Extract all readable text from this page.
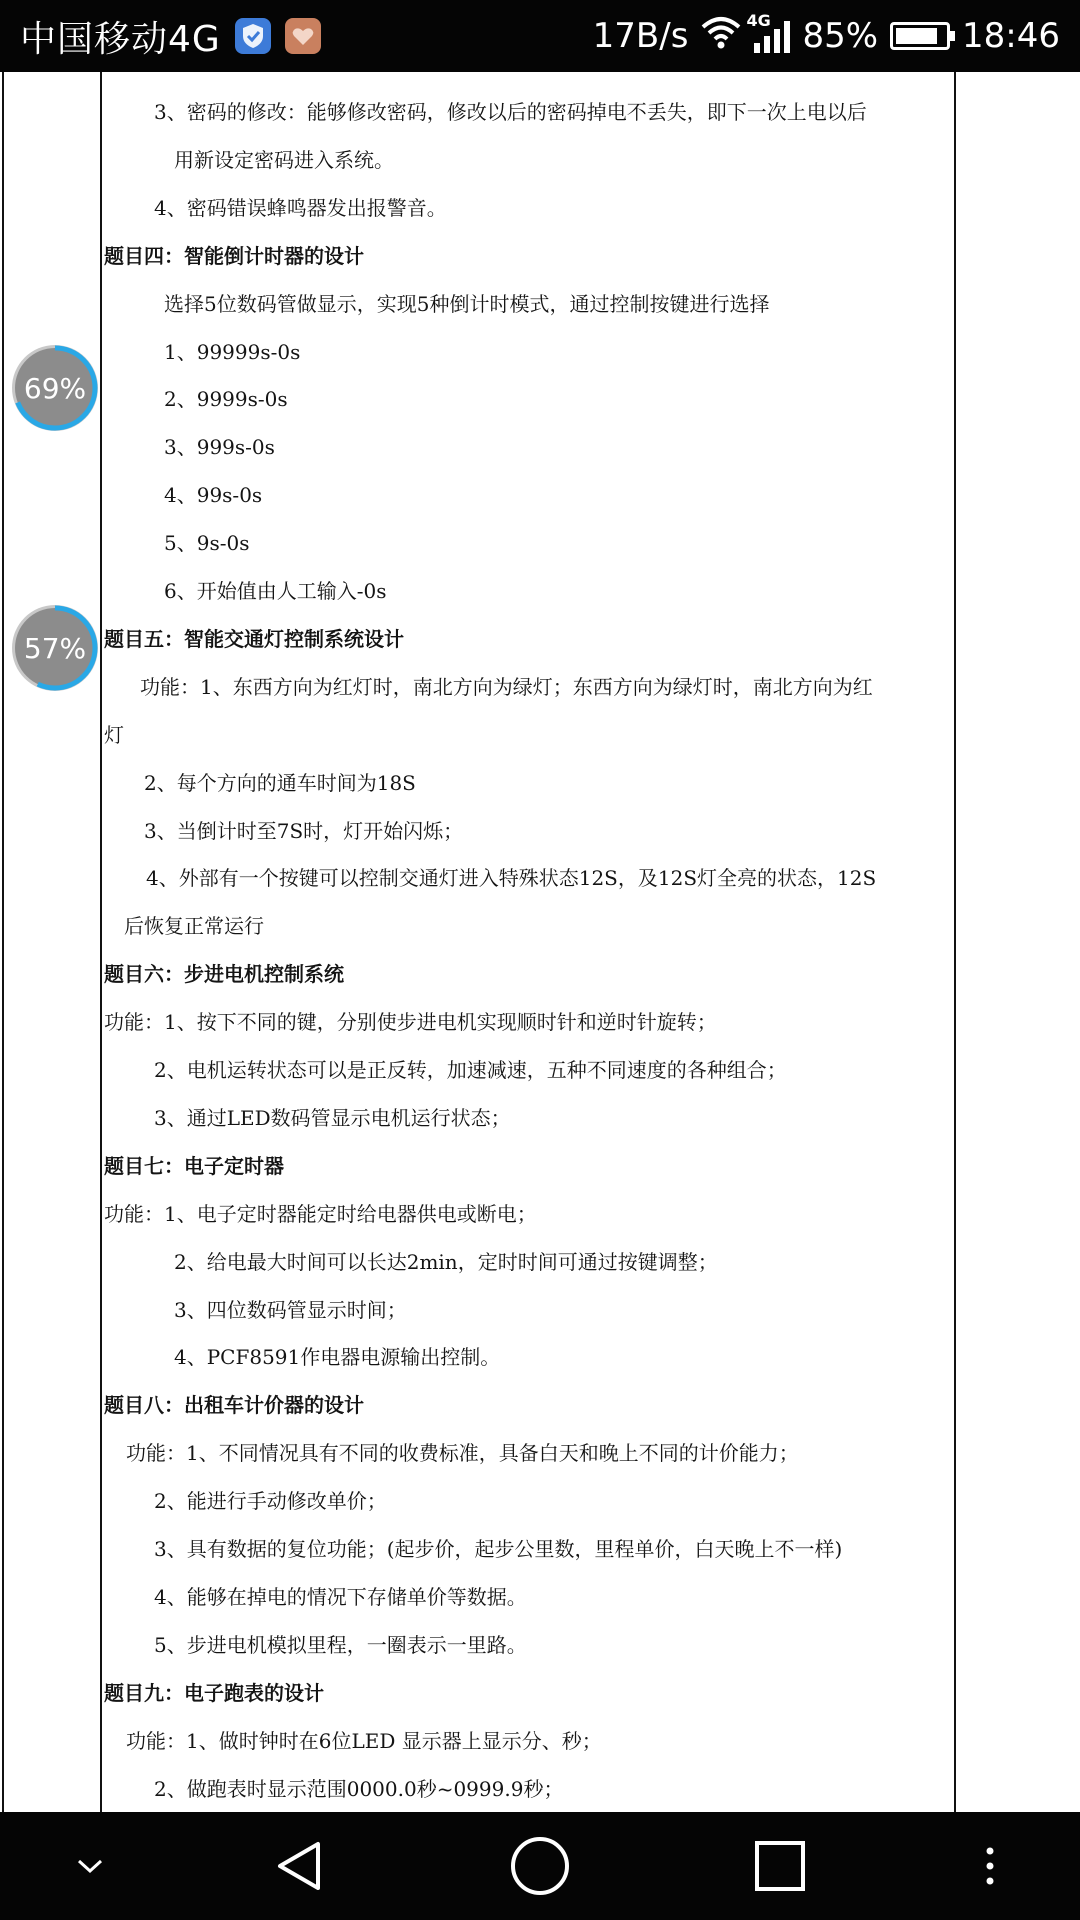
中国移动4G	17B/s	4G 85% 18:46
3、密码的修改：能够修改密码，修改以后的密码掉电不丢失，即下一次上电以后
用新设定密码进入系统。
4、密码错误蜂鸣器发出报警音。
题目四：智能倒计时器的设计
选择5位数码管做显示，实现5种倒计时模式，通过控制按键进行选择
1、99999s-0s
2、9999s-0s
3、999s-0s
4、99s-0s
5、9s-0s
6、开始值由人工输入-0s
题目五：智能交通灯控制系统设计
功能：1、东西方向为红灯时，南北方向为绿灯；东西方向为绿灯时，南北方向为红
灯
2、每个方向的通车时间为18S
3、当倒计时至7S时，灯开始闪烁；
4、外部有一个按键可以控制交通灯进入特殊状态12S，及12S灯全亮的状态，12S
后恢复正常运行
题目六：步进电机控制系统
功能：1、按下不同的键，分别使步进电机实现顺时针和逆时针旋转；
2、电机运转状态可以是正反转，加速减速，五种不同速度的各种组合；
3、通过LED数码管显示电机运行状态；
题目七：电子定时器
功能：1、电子定时器能定时给电器供电或断电；
2、给电最大时间可以长达2min，定时时间可通过按键调整；
3、四位数码管显示时间；
4、PCF8591作电器电源输出控制。
题目八：出租车计价器的设计
功能：1、不同情况具有不同的收费标准，具备白天和晚上不同的计价能力；
2、能进行手动修改单价；
3、具有数据的复位功能；(起步价，起步公里数，里程单价，白天晚上不一样)
4、能够在掉电的情况下存储单价等数据。
5、步进电机模拟里程，一圈表示一里路。
题目九：电子跑表的设计
功能：1、做时钟时在6位LED 显示器上显示分、秒；
2、做跑表时显示范围0000.0秒~0999.9秒；
69%
57%
